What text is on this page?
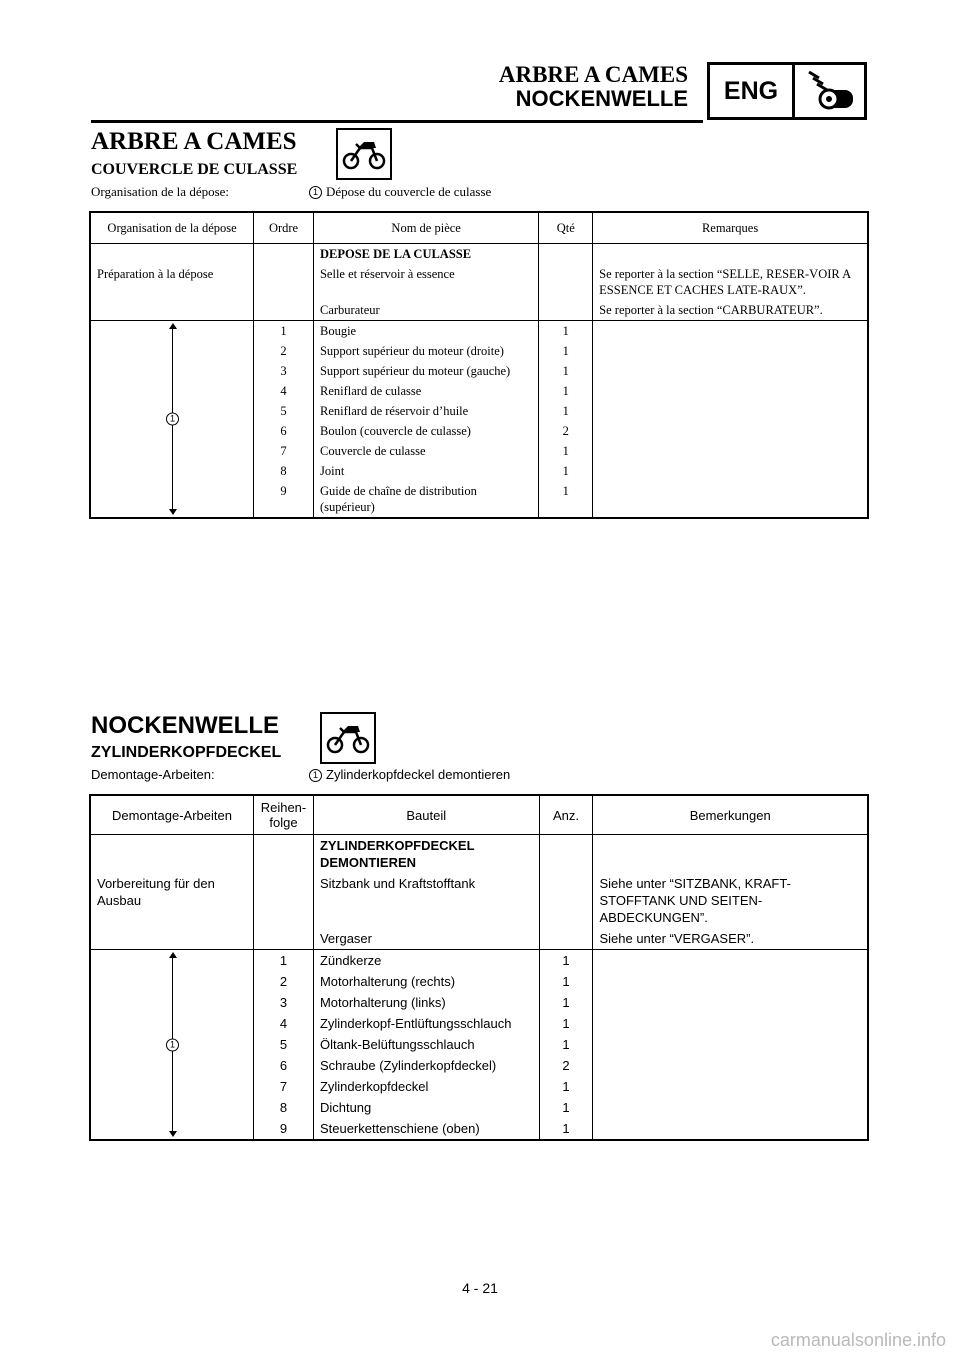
ARBRE A CAMES
NOCKENWELLE	ENG
ARBRE A CAMES
COUVERCLE DE CULASSE
Organisation de la dépose:	1 Dépose du couvercle de culasse
Organisation de la dépose	Ordre	Nom de pièce	Qté	Remarques
		DEPOSE DE LA CULASSE		
Préparation à la dépose		Selle et réservoir à essence		Se reporter à la section “SELLE, RESER-VOIR A ESSENCE ET CACHES LATE-RAUX”.
		Carburateur		Se reporter à la section “CARBURATEUR”.

1	1	Bougie	1	
	2	Support supérieur du moteur (droite)	1	
	3	Support supérieur du moteur (gauche)	1	
	4	Reniflard de culasse	1	
	5	Reniflard de réservoir d’huile	1	
	6	Boulon (couvercle de culasse)	2	
	7	Couvercle de culasse	1	
	8	Joint	1	
	9	Guide de chaîne de distribution (supérieur)	1	
NOCKENWELLE
ZYLINDERKOPFDECKEL
Demontage-Arbeiten:	1 Zylinderkopfdeckel demontieren
Demontage-Arbeiten	Reihen-folge	Bauteil	Anz.	Bemerkungen
		ZYLINDERKOPFDECKEL DEMONTIEREN		
Vorbereitung für den Ausbau		Sitzbank und Kraftstofftank		Siehe unter “SITZBANK, KRAFT-STOFFTANK UND SEITEN-ABDECKUNGEN”.
		Vergaser		Siehe unter “VERGASER”.

1	1	Zündkerze	1	
	2	Motorhalterung (rechts)	1	
	3	Motorhalterung (links)	1	
	4	Zylinderkopf-Entlüftungsschlauch	1	
	5	Öltank-Belüftungsschlauch	1	
	6	Schraube (Zylinderkopfdeckel)	2	
	7	Zylinderkopfdeckel	1	
	8	Dichtung	1	
	9	Steuerkettenschiene (oben)	1	
4 - 21
carmanualsonline.info
